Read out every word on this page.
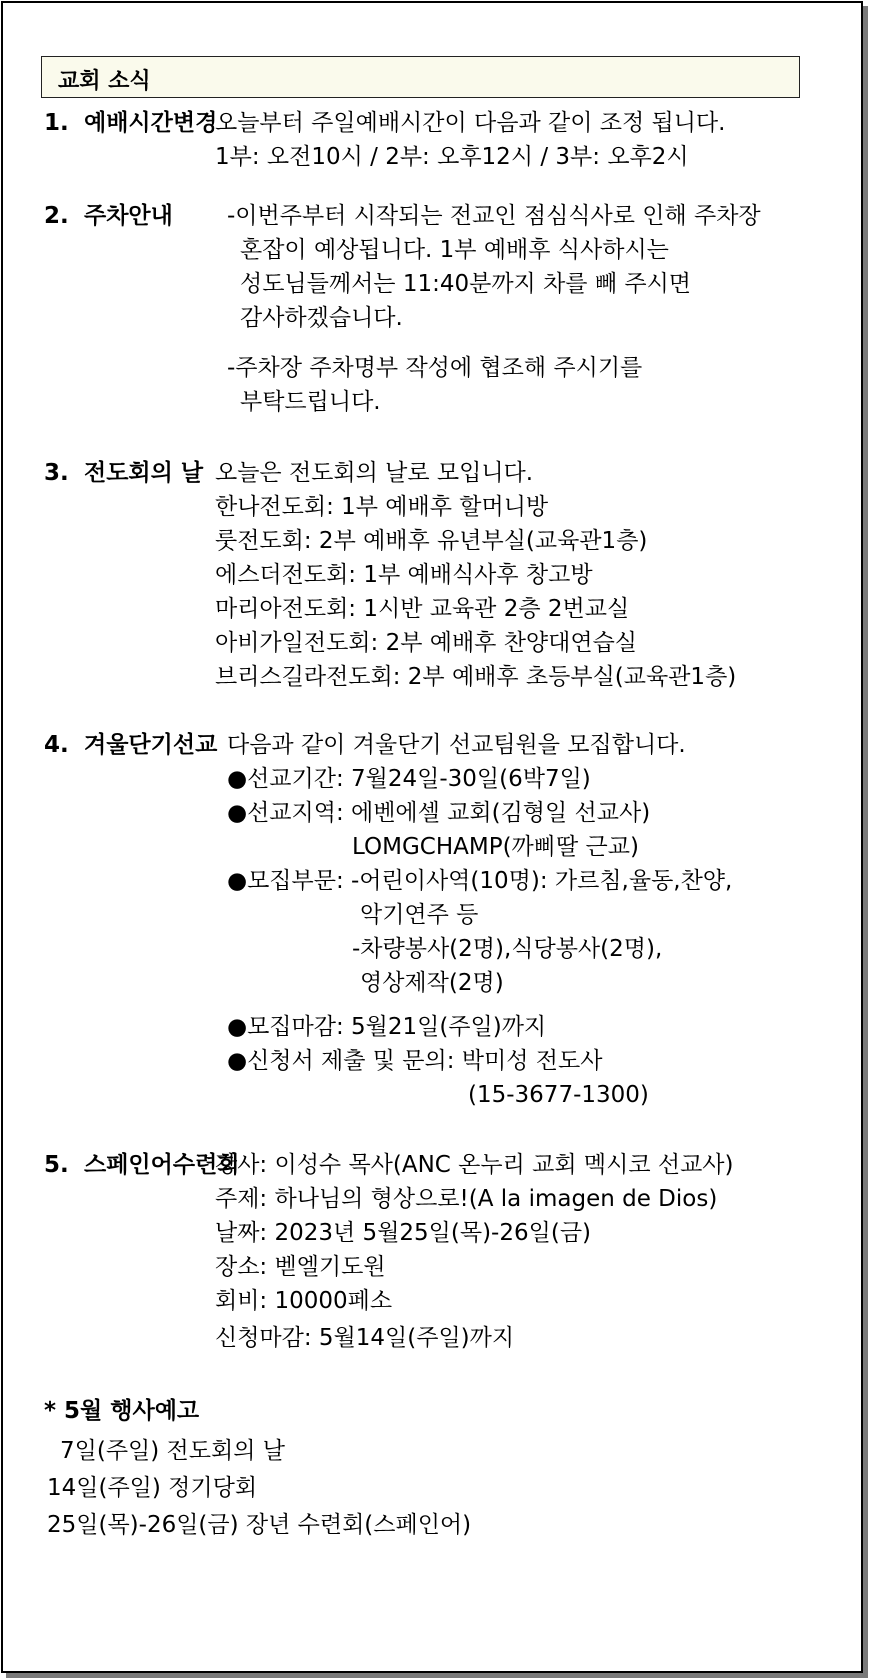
교회 소식
1. 예배시간변경
오늘부터 주일예배시간이 다음과 같이 조정 됩니다.
1부: 오전10시 / 2부: 오후12시 / 3부: 오후2시
2. 주차안내 -이번주부터 시작되는 전교인 점심식사로 인해 주차장
혼잡이 예상됩니다. 1부 예배후 식사하시는
성도님들께서는 11:40분까지 차를 빼 주시면
감사하겠습니다.
-주차장 주차명부 작성에 협조해 주시기를
부탁드립니다.
3. 전도회의 날 오늘은 전도회의 날로 모입니다.
한나전도회: 1부 예배후 할머니방
룻전도회: 2부 예배후 유년부실(교육관1층)
에스더전도회: 1부 예배식사후 창고방
마리아전도회: 1시반 교육관 2층 2번교실
아비가일전도회: 2부 예배후 찬양대연습실
브리스길라전도회: 2부 예배후 초등부실(교육관1층)
4. 겨울단기선교 다음과 같이 겨울단기 선교팀원을 모집합니다.
●선교기간: 7월24일-30일(6박7일)
●선교지역: 에벤에셀 교회(김형일 선교사)
LOMGCHAMP(까삐딸 근교)
●모집부문: -어린이사역(10명): 가르침,율동,찬양,
악기연주 등
-차량봉사(2명),식당봉사(2명),
영상제작(2명)
●모집마감: 5월21일(주일)까지
●신청서 제출 및 문의: 박미성 전도사
(15-3677-1300)
5. 스페인어수련회
강사: 이성수 목사(ANC 온누리 교회 멕시코 선교사)
주제: 하나님의 형상으로!(A la imagen de Dios)
날짜: 2023년 5월25일(목)-26일(금)
장소: 벧엘기도원
회비: 10000페소
신청마감: 5월14일(주일)까지
* 5월 행사예고
7일(주일) 전도회의 날
14일(주일) 정기당회
25일(목)-26일(금) 장년 수련회(스페인어)
